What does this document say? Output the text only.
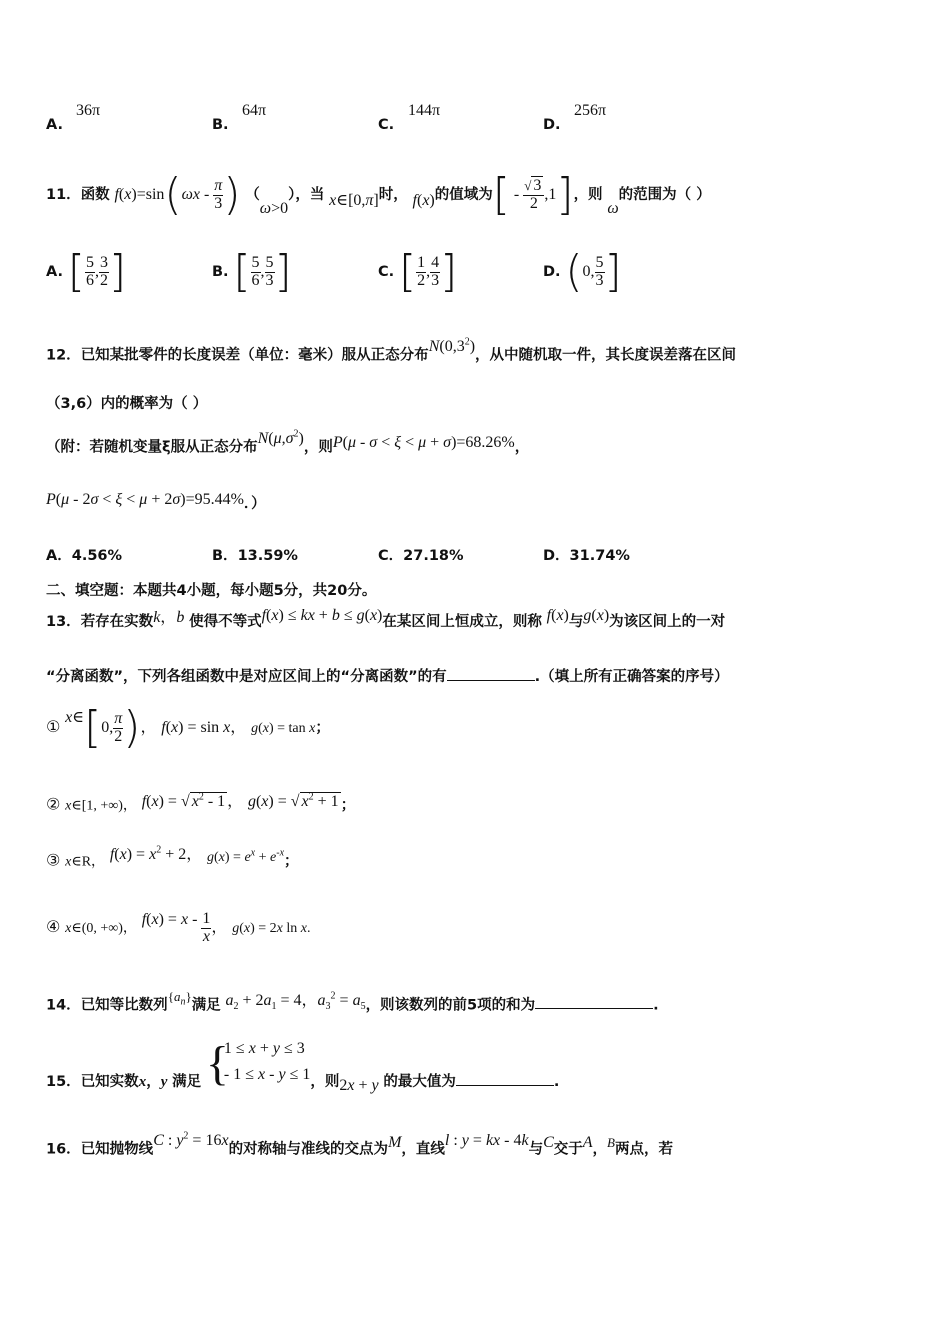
A.
36π
B.
64π
C.
144π
D.
256π
11．函数 $f(x)=\sin(\omega x - \frac{\pi}{3}$ ) （ω>0），当 x∈[0,π]时， f(x)的值域为[ - $\frac{√ 3}{2} ,1$]，则 ω的范围为（ ）
A. [ $\frac{5}{6}$ , $\frac{3}{2}$ ]	B. [ $\frac{5}{6}$ , $\frac{5}{3}$ ]	C. [ $\frac{1}{2}$ , $\frac{4}{3}$ ]	D. (0, $\frac{5}{3}$ ]
12．已知某批零件的长度误差（单位：毫米）服从正态分布$N(0,3^2)$，从中随机取一件，其长度误差落在区间
（3,6）内的概率为（ ）
（附：若随机变量ξ服从正态分布$N(\mu,\sigma^2)$，则P(μ - σ < ξ < μ + σ)=68.26%，
P(μ - 2σ < ξ < μ + 2σ)=95.44%．）
A．4.56%	B．13.59%	C．27.18%	D．31.74%
二、填空题：本题共4小题，每小题5分，共20分。
13．若存在实数k，b 使得不等式f(x) ≤ kx + b ≤ g(x)在某区间上恒成立，则称 f(x)与g(x)为该区间上的一对
“分离函数”，下列各组函数中是对应区间上的“分离函数”的有	.（填上所有正确答案的序号）
① x∈[0, $\frac{\pi}{2}$ )， f(x) = sin x， g(x) = tan x；
② x∈[1, +∞)， f(x) = √ $x^2 - 1$ ， g(x) = √ $x^2 + 1$ ；
③ x∈R， $f(x) = x^2 + 2$， $g(x) = e^x + e^{-x}$；
④ x∈(0, +∞)， $f(x) = x - \frac{1}{x}$ ， g(x) = 2x ln x.
14．已知等比数列$\{a_n\}$满足 $a_2 + 2a_1 = 4$，$a_3^2 = a_5$，则该数列的前5项的和为	.
15．已知实数x，y 满足 {
1 ≤ x + y ≤ 3
- 1 ≤ x - y ≤ 1 ，则2x + y 的最大值为	.
16．已知抛物线C : $y^2 = 16x$的对称轴与准线的交点为M，直线l : y = kx - 4k与C交于A，B两点，若
